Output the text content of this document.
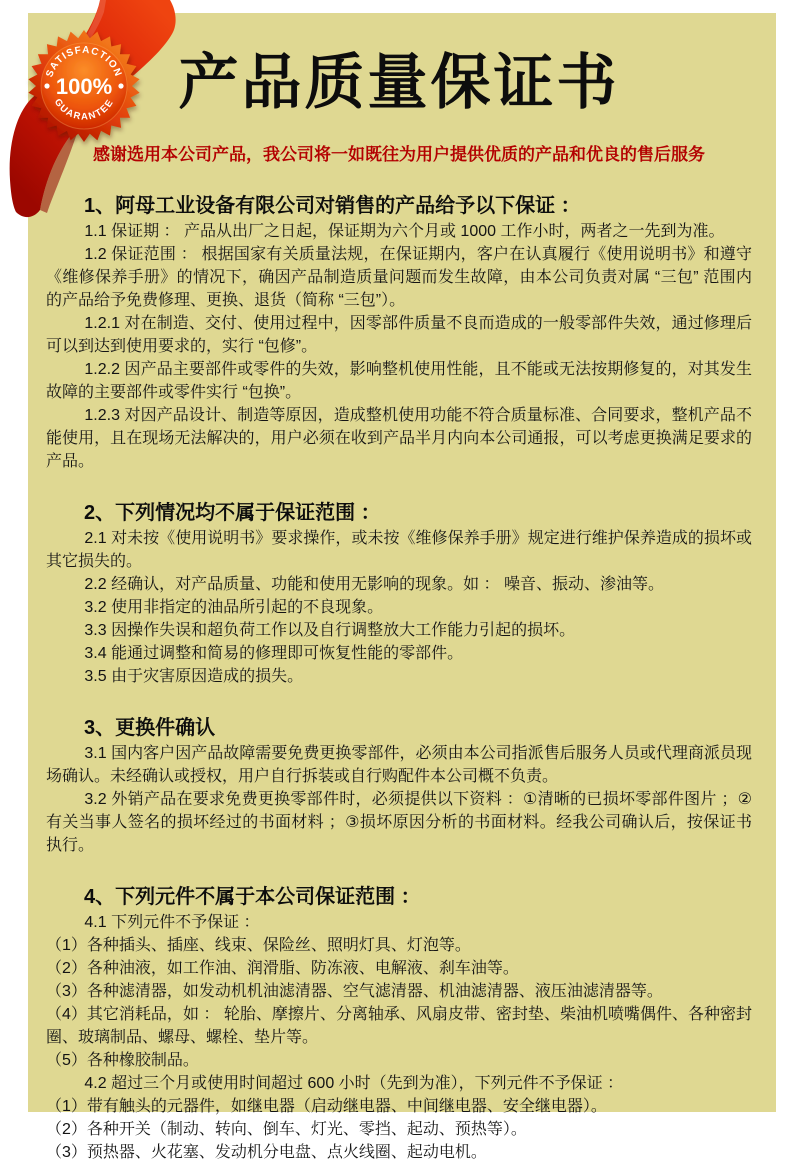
产品质量保证书
感谢选用本公司产品，我公司将一如既往为用户提供优质的产品和优良的售后服务
1、阿母工业设备有限公司对销售的产品给予以下保证 ：

1.1 保证期 ： 产品从出厂之日起，保证期为六个月或 1000 工作小时，两者之一先到为准。

1.2 保证范围 ： 根据国家有关质量法规，在保证期内，客户在认真履行《使用说明书》和遵守《维修保养手册》的情况下，确因产品制造质量问题而发生故障，由本公司负责对属 “三包” 范围内的产品给予免费修理、更换、退货（简称 “三包”）。

1.2.1 对在制造、交付、使用过程中，因零部件质量不良而造成的一般零部件失效，通过修理后可以到达到使用要求的，实行 “包修”。

1.2.2 因产品主要部件或零件的失效，影响整机使用性能，且不能或无法按期修复的，对其发生故障的主要部件或零件实行 “包换”。

1.2.3 对因产品设计、制造等原因，造成整机使用功能不符合质量标准、合同要求，整机产品不能使用，且在现场无法解决的，用户必须在收到产品半月内向本公司通报，可以考虑更换满足要求的产品。

2、下列情况均不属于保证范围 ：

2.1 对未按《使用说明书》要求操作，或未按《维修保养手册》规定进行维护保养造成的损坏或其它损失的。

2.2 经确认，对产品质量、功能和使用无影响的现象。如 ： 噪音、振动、渗油等。

3.2 使用非指定的油品所引起的不良现象。

3.3 因操作失误和超负荷工作以及自行调整放大工作能力引起的损坏。

3.4 能通过调整和简易的修理即可恢复性能的零部件。

3.5 由于灾害原因造成的损失。

3、更换件确认

3.1 国内客户因产品故障需要免费更换零部件，必须由本公司指派售后服务人员或代理商派员现场确认。未经确认或授权，用户自行拆装或自行购配件本公司概不负责。

3.2 外销产品在要求免费更换零部件时，必须提供以下资料 ：①清晰的已损坏零部件图片 ；②有关当事人签名的损坏经过的书面材料 ；③损坏原因分析的书面材料。经我公司确认后，按保证书执行。

4、下列元件不属于本公司保证范围 ：

4.1 下列元件不予保证 ：

（1）各种插头、插座、线束、保险丝、照明灯具、灯泡等。

（2）各种油液，如工作油、润滑脂、防冻液、电解液、刹车油等。

（3）各种滤清器，如发动机机油滤清器、空气滤清器、机油滤清器、液压油滤清器等。

（4）其它消耗品，如 ： 轮胎、摩擦片、分离轴承、风扇皮带、密封垫、柴油机喷嘴偶件、各种密封圈、玻璃制品、螺母、螺栓、垫片等。

（5）各种橡胶制品。

4.2 超过三个月或使用时间超过 600 小时（先到为准），下列元件不予保证 ：

（1）带有触头的元器件，如继电器（启动继电器、中间继电器、安全继电器）。

（2）各种开关（制动、转向、倒车、灯光、零挡、起动、预热等）。

（3）预热器、火花塞、发动机分电盘、点火线圈、起动电机。

SATISFACTION
100%
GUARANTEE
